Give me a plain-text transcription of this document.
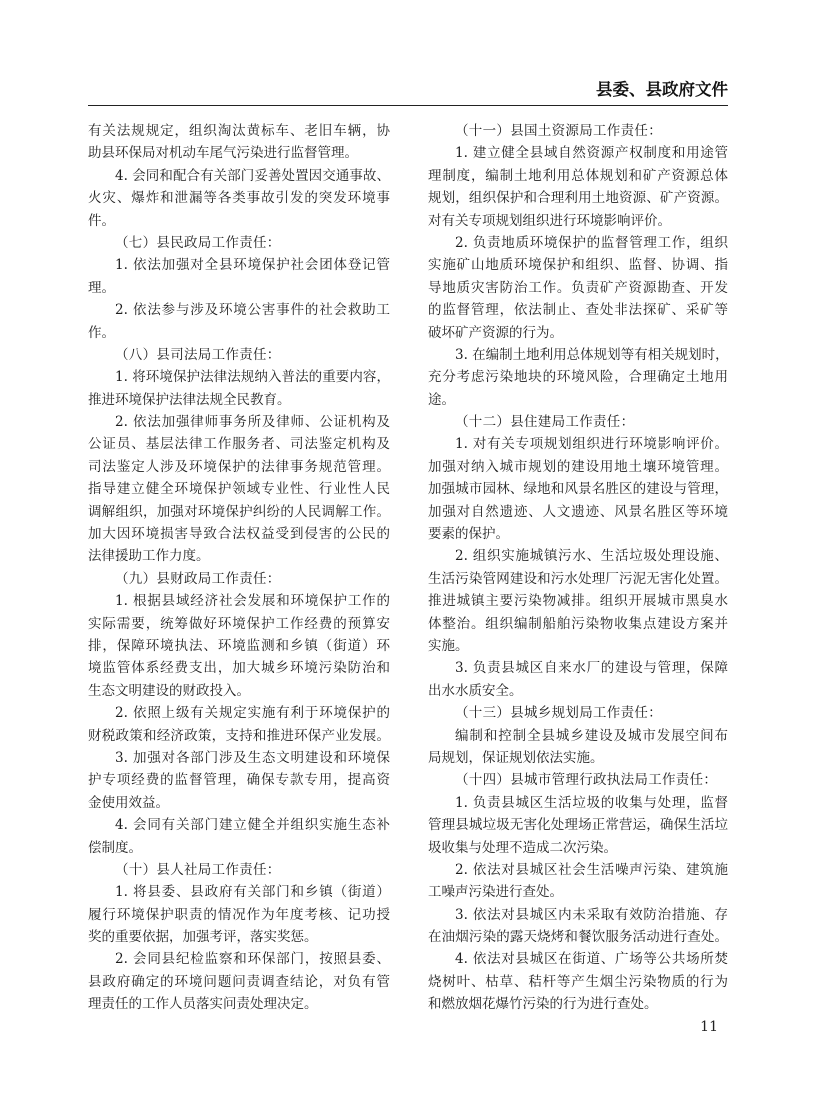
县委、县政府文件
有关法规规定，组织淘汰黄标车、老旧车辆，协
助县环保局对机动车尾气污染进行监督管理。
4. 会同和配合有关部门妥善处置因交通事故、
火灾、爆炸和泄漏等各类事故引发的突发环境事
件。
（七）县民政局工作责任：
1. 依法加强对全县环境保护社会团体登记管
理。
2. 依法参与涉及环境公害事件的社会救助工
作。
（八）县司法局工作责任：
1. 将环境保护法律法规纳入普法的重要内容，
推进环境保护法律法规全民教育。
2. 依法加强律师事务所及律师、公证机构及
公证员、基层法律工作服务者、司法鉴定机构及
司法鉴定人涉及环境保护的法律事务规范管理。
指导建立健全环境保护领域专业性、行业性人民
调解组织，加强对环境保护纠纷的人民调解工作。
加大因环境损害导致合法权益受到侵害的公民的
法律援助工作力度。
（九）县财政局工作责任：
1. 根据县域经济社会发展和环境保护工作的
实际需要，统筹做好环境保护工作经费的预算安
排，保障环境执法、环境监测和乡镇（街道）环
境监管体系经费支出，加大城乡环境污染防治和
生态文明建设的财政投入。
2. 依照上级有关规定实施有利于环境保护的
财税政策和经济政策，支持和推进环保产业发展。
3. 加强对各部门涉及生态文明建设和环境保
护专项经费的监督管理，确保专款专用，提高资
金使用效益。
4. 会同有关部门建立健全并组织实施生态补
偿制度。
（十）县人社局工作责任：
1. 将县委、县政府有关部门和乡镇（街道）
履行环境保护职责的情况作为年度考核、记功授
奖的重要依据，加强考评，落实奖惩。
2. 会同县纪检监察和环保部门，按照县委、
县政府确定的环境问题问责调查结论，对负有管
理责任的工作人员落实问责处理决定。
（十一）县国土资源局工作责任：
1. 建立健全县域自然资源产权制度和用途管
理制度，编制土地利用总体规划和矿产资源总体
规划，组织保护和合理利用土地资源、矿产资源。
对有关专项规划组织进行环境影响评价。
2. 负责地质环境保护的监督管理工作，组织
实施矿山地质环境保护和组织、监督、协调、指
导地质灾害防治工作。负责矿产资源勘查、开发
的监督管理，依法制止、查处非法探矿、采矿等
破坏矿产资源的行为。
3. 在编制土地利用总体规划等有相关规划时，
充分考虑污染地块的环境风险，合理确定土地用
途。
（十二）县住建局工作责任：
1. 对有关专项规划组织进行环境影响评价。
加强对纳入城市规划的建设用地土壤环境管理。
加强城市园林、绿地和风景名胜区的建设与管理，
加强对自然遗迹、人文遗迹、风景名胜区等环境
要素的保护。
2. 组织实施城镇污水、生活垃圾处理设施、
生活污染管网建设和污水处理厂污泥无害化处置。
推进城镇主要污染物减排。组织开展城市黑臭水
体整治。组织编制船舶污染物收集点建设方案并
实施。
3. 负责县城区自来水厂的建设与管理，保障
出水水质安全。
（十三）县城乡规划局工作责任：
编制和控制全县城乡建设及城市发展空间布
局规划，保证规划依法实施。
（十四）县城市管理行政执法局工作责任：
1. 负责县城区生活垃圾的收集与处理，监督
管理县城垃圾无害化处理场正常营运，确保生活垃
圾收集与处理不造成二次污染。
2. 依法对县城区社会生活噪声污染、建筑施
工噪声污染进行查处。
3. 依法对县城区内未采取有效防治措施、存
在油烟污染的露天烧烤和餐饮服务活动进行查处。
4. 依法对县城区在街道、广场等公共场所焚
烧树叶、枯草、秸杆等产生烟尘污染物质的行为
和燃放烟花爆竹污染的行为进行查处。
11
